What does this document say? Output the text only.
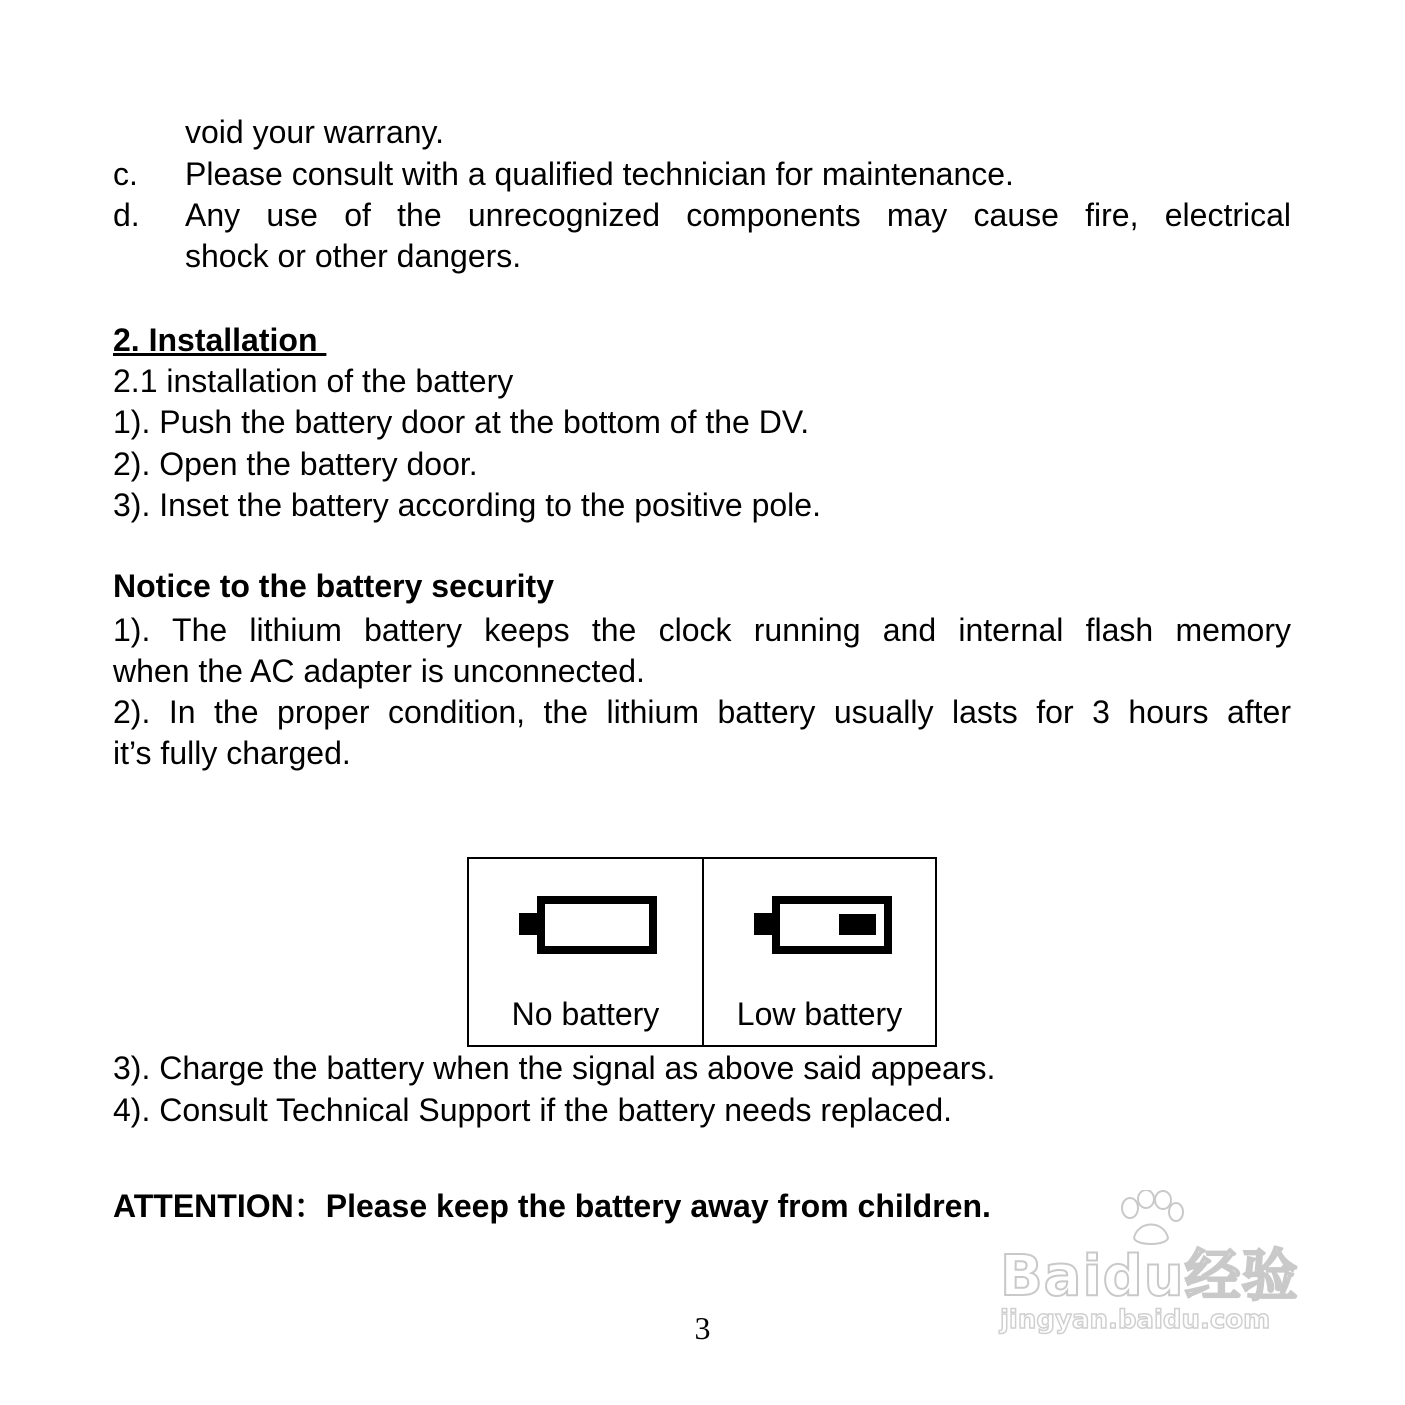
void your warrany.
c. Please consult with a qualified technician for maintenance.
d. Any use of the unrecognized components may cause fire, electrical
shock or other dangers.
2. Installation
2.1 installation of the battery
1). Push the battery door at the bottom of the DV.
2). Open the battery door.
3). Inset the battery according to the positive pole.
Notice to the battery security
1). The lithium battery keeps the clock running and internal flash memory
when the AC adapter is unconnected.
2). In the proper condition, the lithium battery usually lasts for 3 hours after
it’s fully charged.
No battery	Low battery
3). Charge the battery when the signal as above said appears.
4). Consult Technical Support if the battery needs replaced.
ATTENTION：Please keep the battery away from children.
3
Baidu经验
jingyan.baidu.com
